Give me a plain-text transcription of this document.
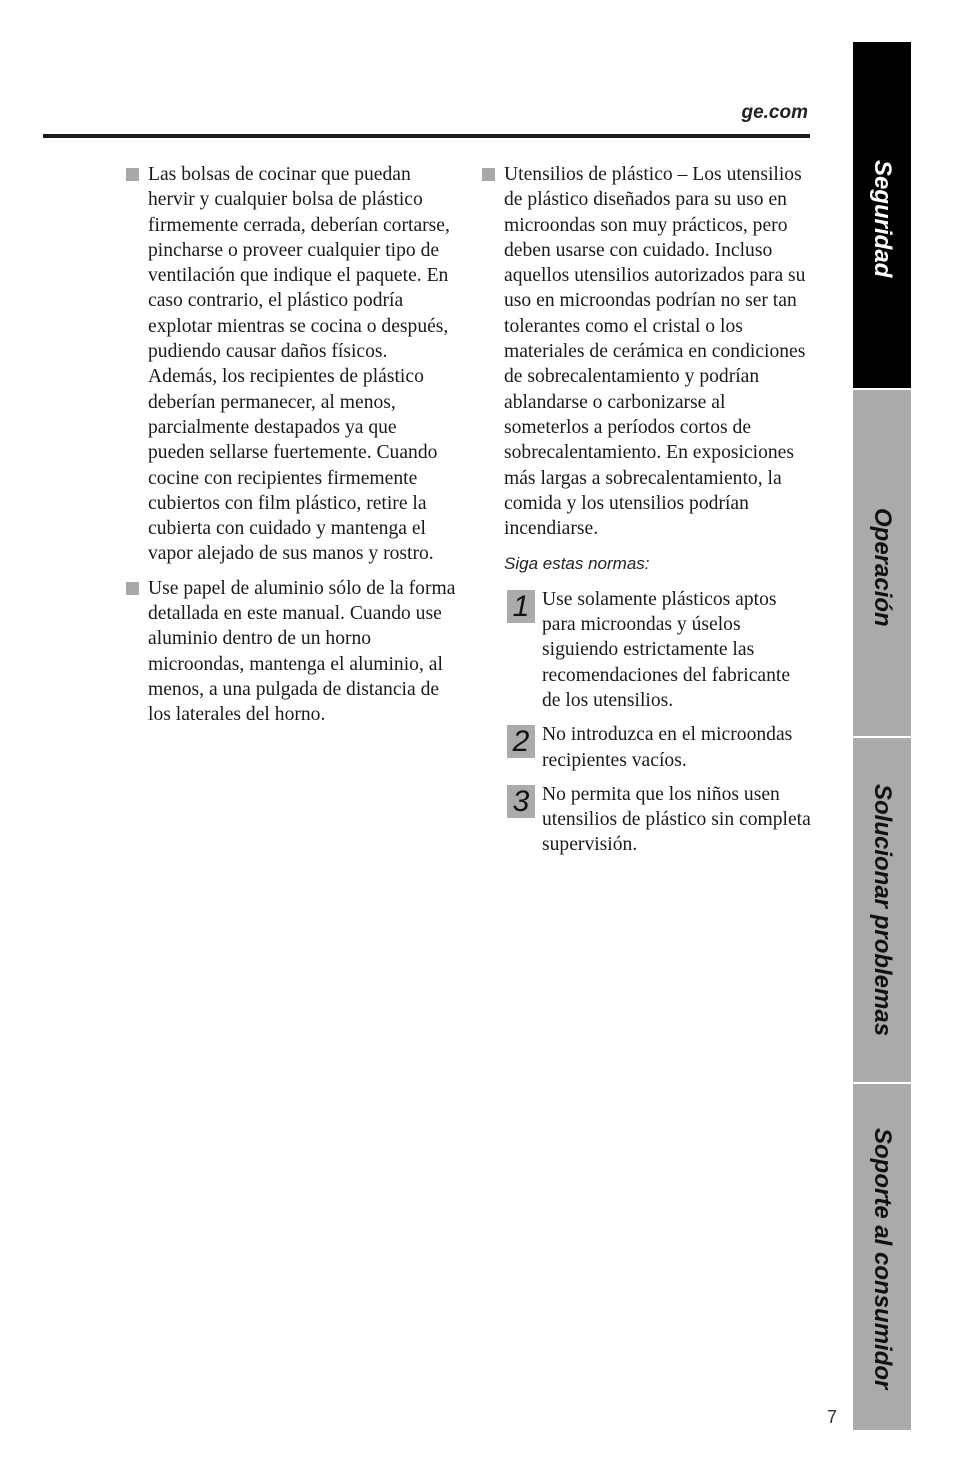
ge.com

Las bolsas de cocinar que puedan hervir y cualquier bolsa de plástico firmemente cerrada, deberían cortarse, pincharse o proveer cualquier tipo de ventilación que indique el paquete. En caso contrario, el plástico podría explotar mientras se cocina o después, pudiendo causar daños físicos. Además, los recipientes de plástico deberían permanecer, al menos, parcialmente destapados ya que pueden sellarse fuertemente. Cuando cocine con recipientes firmemente cubiertos con film plástico, retire la cubierta con cuidado y mantenga el vapor alejado de sus manos y rostro.

Use papel de aluminio sólo de la forma detallada en este manual. Cuando use aluminio dentro de un horno microondas, mantenga el aluminio, al menos, a una pulgada de distancia de los laterales del horno.

Utensilios de plástico – Los utensilios de plástico diseñados para su uso en microondas son muy prácticos, pero deben usarse con cuidado. Incluso aquellos utensilios autorizados para su uso en microondas podrían no ser tan tolerantes como el cristal o los materiales de cerámica en condiciones de sobrecalentamiento y podrían ablandarse o carbonizarse al someterlos a períodos cortos de sobrecalentamiento. En exposiciones más largas a sobrecalentamiento, la comida y los utensilios podrían incendiarse.

Siga estas normas:
1 Use solamente plásticos aptos para microondas y úselos siguiendo estrictamente las recomendaciones del fabricante de los utensilios.

2 No introduzca en el microondas recipientes vacíos.

3 No permita que los niños usen utensilios de plástico sin completa supervisión.

Seguridad
Operación
Solucionar problemas
Soporte al consumidor
7
